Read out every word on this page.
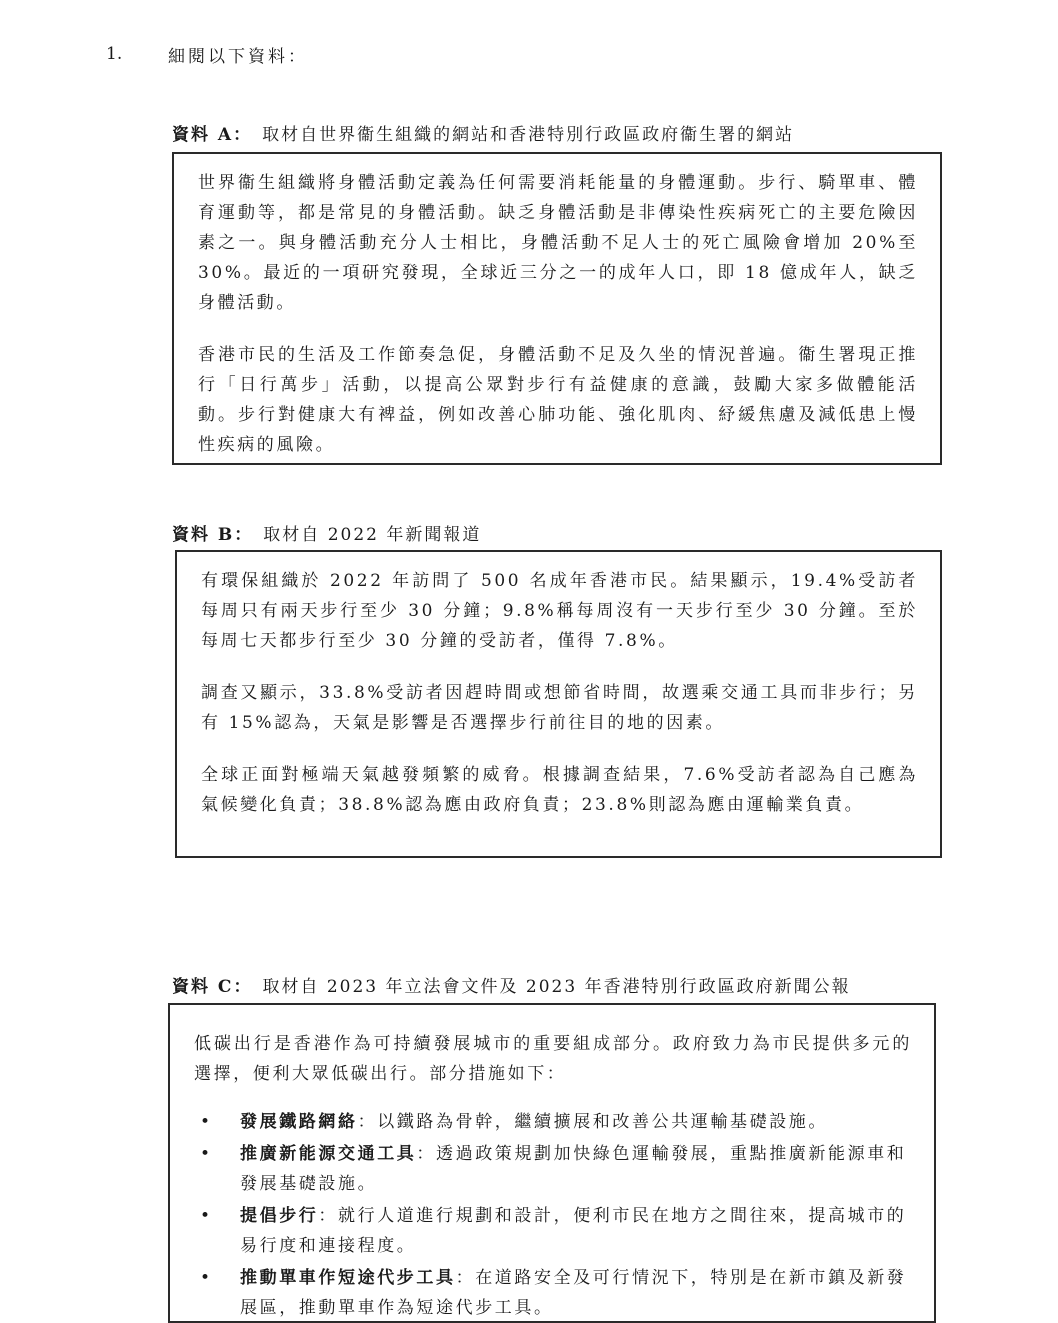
1.	細閱以下資料：
資料 A： 取材自世界衞生組織的網站和香港特別行政區政府衞生署的網站

世界衞生組織將身體活動定義為任何需要消耗能量的身體運動。步行、騎單車、體育運動等，都是常見的身體活動。缺乏身體活動是非傳染性疾病死亡的主要危險因素之一。與身體活動充分人士相比，身體活動不足人士的死亡風險會增加 20%至30%。最近的一項研究發現，全球近三分之一的成年人口，即 18 億成年人，缺乏身體活動。

香港市民的生活及工作節奏急促，身體活動不足及久坐的情況普遍。衞生署現正推行「日行萬步」活動，以提高公眾對步行有益健康的意識，鼓勵大家多做體能活動。步行對健康大有裨益，例如改善心肺功能、強化肌肉、紓緩焦慮及減低患上慢性疾病的風險。

資料 B： 取材自 2022 年新聞報道

有環保組織於 2022 年訪問了 500 名成年香港市民。結果顯示，19.4%受訪者每周只有兩天步行至少 30 分鐘；9.8%稱每周沒有一天步行至少 30 分鐘。至於每周七天都步行至少 30 分鐘的受訪者，僅得 7.8%。

調查又顯示，33.8%受訪者因趕時間或想節省時間，故選乘交通工具而非步行；另有 15%認為，天氣是影響是否選擇步行前往目的地的因素。

全球正面對極端天氣越發頻繁的威脅。根據調查結果，7.6%受訪者認為自己應為氣候變化負責；38.8%認為應由政府負責；23.8%則認為應由運輸業負責。

資料 C： 取材自 2023 年立法會文件及 2023 年香港特別行政區政府新聞公報

低碳出行是香港作為可持續發展城市的重要組成部分。政府致力為市民提供多元的選擇，便利大眾低碳出行。部分措施如下：

• 發展鐵路網絡：以鐵路為骨幹，繼續擴展和改善公共運輸基礎設施。
• 推廣新能源交通工具：透過政策規劃加快綠色運輸發展，重點推廣新能源車和發展基礎設施。
• 提倡步行：就行人道進行規劃和設計，便利市民在地方之間往來，提高城市的易行度和連接程度。
• 推動單車作短途代步工具：在道路安全及可行情況下，特別是在新市鎮及新發展區，推動單車作為短途代步工具。
